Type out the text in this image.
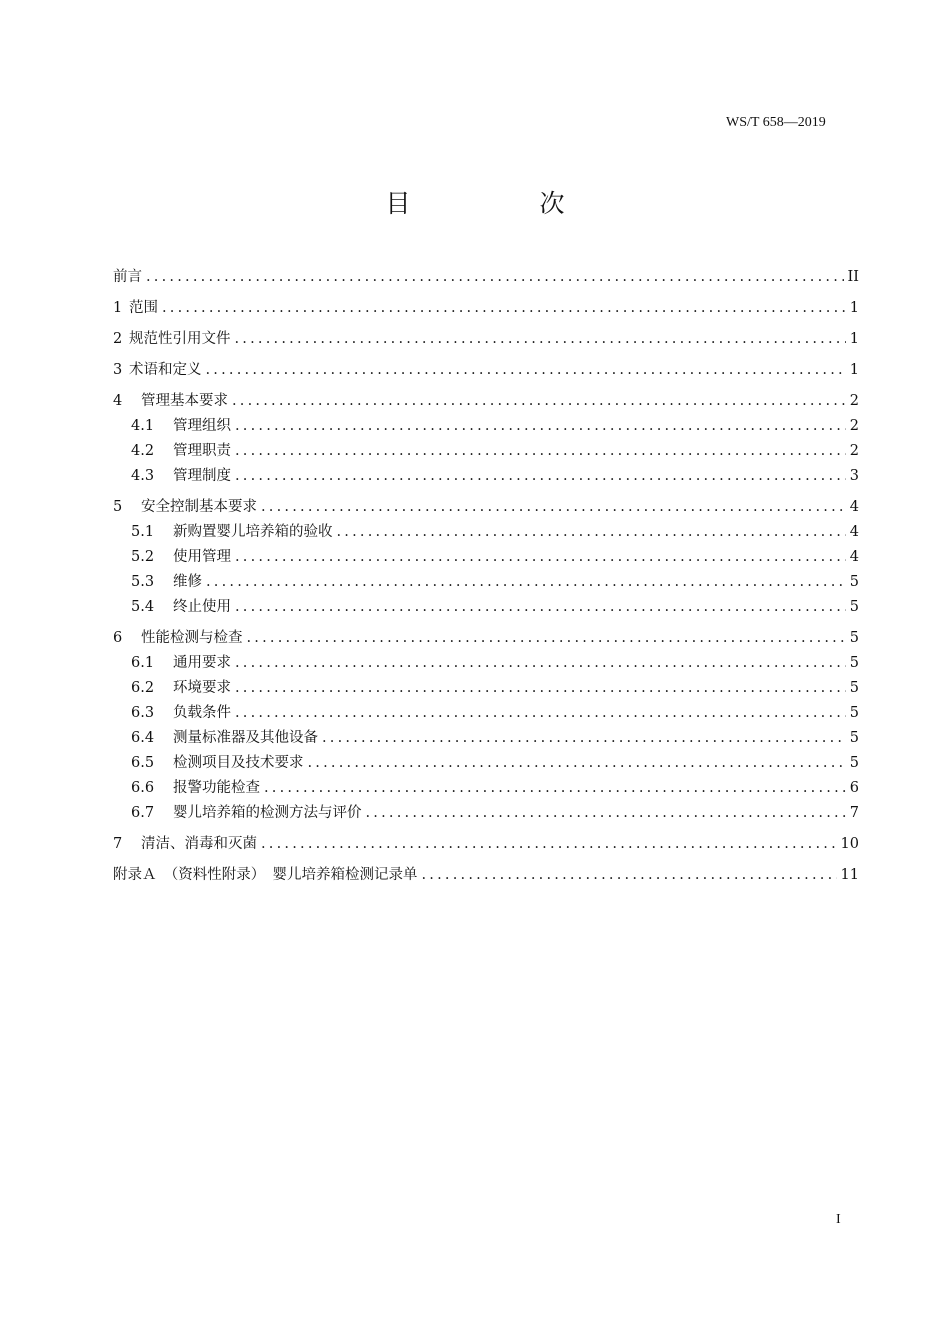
WS/T 658—2019
目　次
前言 .....	II
1 范围 .....	1
2 规范性引用文件 .....	1
3 术语和定义 .....	1
4	管理基本要求 .....	2
4.1	管理组织 .....	2
4.2	管理职责 .....	2
4.3	管理制度 .....	3
5	安全控制基本要求 .....	4
5.1	新购置婴儿培养箱的验收 .....	4
5.2	使用管理 .....	4
5.3	维修 .....	5
5.4	终止使用 .....	5
6	性能检测与检查 .....	5
6.1	通用要求 .....	5
6.2	环境要求 .....	5
6.3	负载条件 .....	5
6.4	测量标准器及其他设备 .....	5
6.5	检测项目及技术要求 .....	5
6.6	报警功能检查 .....	6
6.7	婴儿培养箱的检测方法与评价 .....	7
7	清洁、消毒和灭菌 .....	10
附录Ａ　（资料性附录）　婴儿培养箱检测记录单 .....	11
I
